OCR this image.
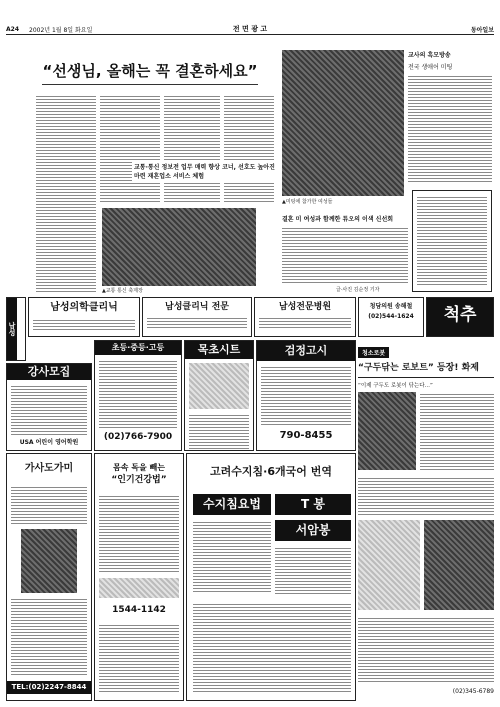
A24 2002년 1월 8일 화요일	전 면 광 고	동아일보
“선생님, 올해는 꼭 결혼하세요”
교통·통신 정보전 업무 매력 향상 코너, 선호도 높아진 마련 재혼업소 서비스 체험
▲교통 통신 축제장
▲미팅에 참가한 여성들
교사의 흑모방송
전국 생애어 미팅
결혼 미 여성과 함께한 튜오의 이색 신선회
글·사진 김순정 기자
남성
남성의학클리닉	남성클리닉 전문	남성전문병원	청담의원 송해철
(02)544-1624	척추
강사모집
USA 어린이 영어학원
초등·중등·고등
(02)766-7900
목초시트	검정고시
790-8455
가사도가미
TEL:(02)2247-8844
몸속 독을 빼는
“인기건강법”
1544-1142
고려수지침·6개국어 번역
수지침요법	T 봉
서암봉
청소로봇
“구두닦는 로보트” 등장! 화제
“이제 구두도 로봇이 닦는다…”
(02)345-6789
